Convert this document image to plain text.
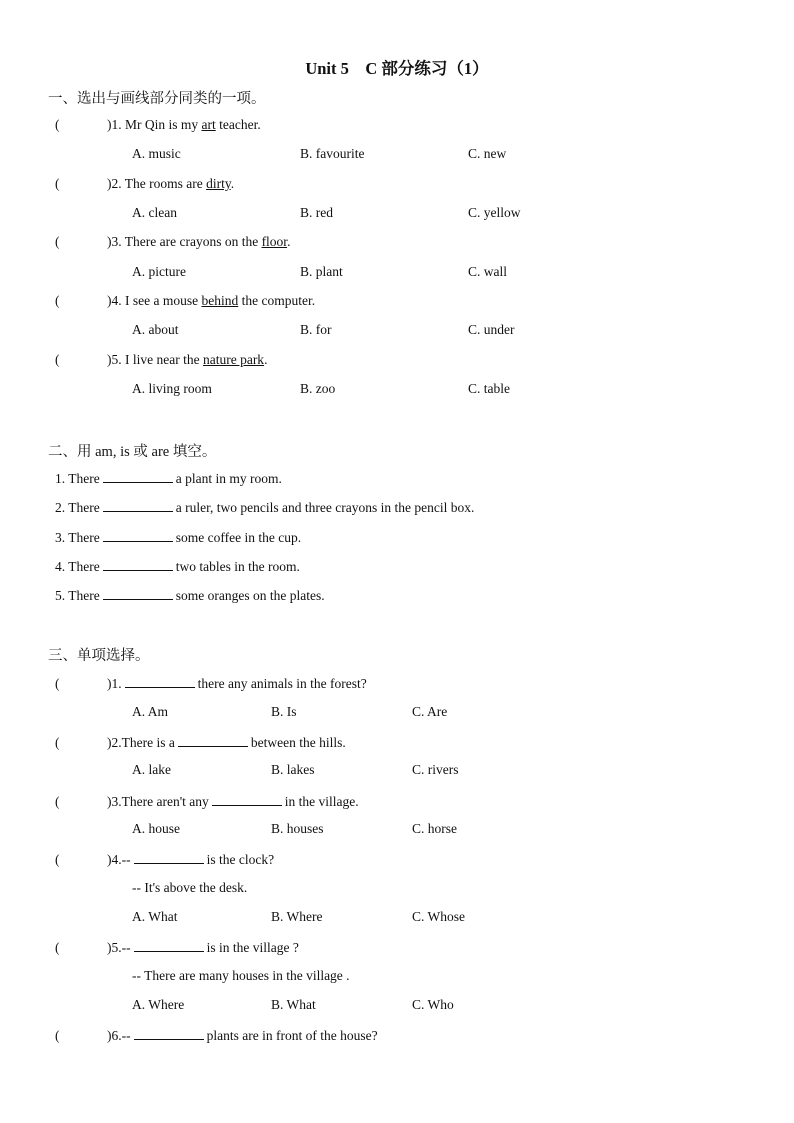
Unit 5　C 部分练习（1）
一、选出与画线部分同类的一项。
(	)1. Mr Qin is my art teacher.
A. music	B. favourite	C. new
(	)2. The rooms are dirty.
A. clean	B. red	C. yellow
(	)3. There are crayons on the floor.
A. picture	B. plant	C. wall
(	)4. I see a mouse behind the computer.
A. about	B. for	C. under
(	)5. I live near the nature park.
A. living room	B. zoo	C. table
二、用 am, is 或 are 填空。
1. There	a plant in my room.
2. There	a ruler, two pencils and three crayons in the pencil box.
3. There	some coffee in the cup.
4. There	two tables in the room.
5. There	some oranges on the plates.
三、单项选择。
(	)1.	there any animals in the forest?
A. Am	B. Is	C. Are
(	)2.There is a	between the hills.
A. lake	B. lakes	C. rivers
(	)3.There aren't any	in the village.
A. house	B. houses	C. horse
(	)4.--	is the clock?
-- It's above the desk.
A. What	B. Where	C. Whose
(	)5.--	is in the village ?
-- There are many houses in the village .
A. Where	B. What	C. Who
(	)6.--	plants are in front of the house?
